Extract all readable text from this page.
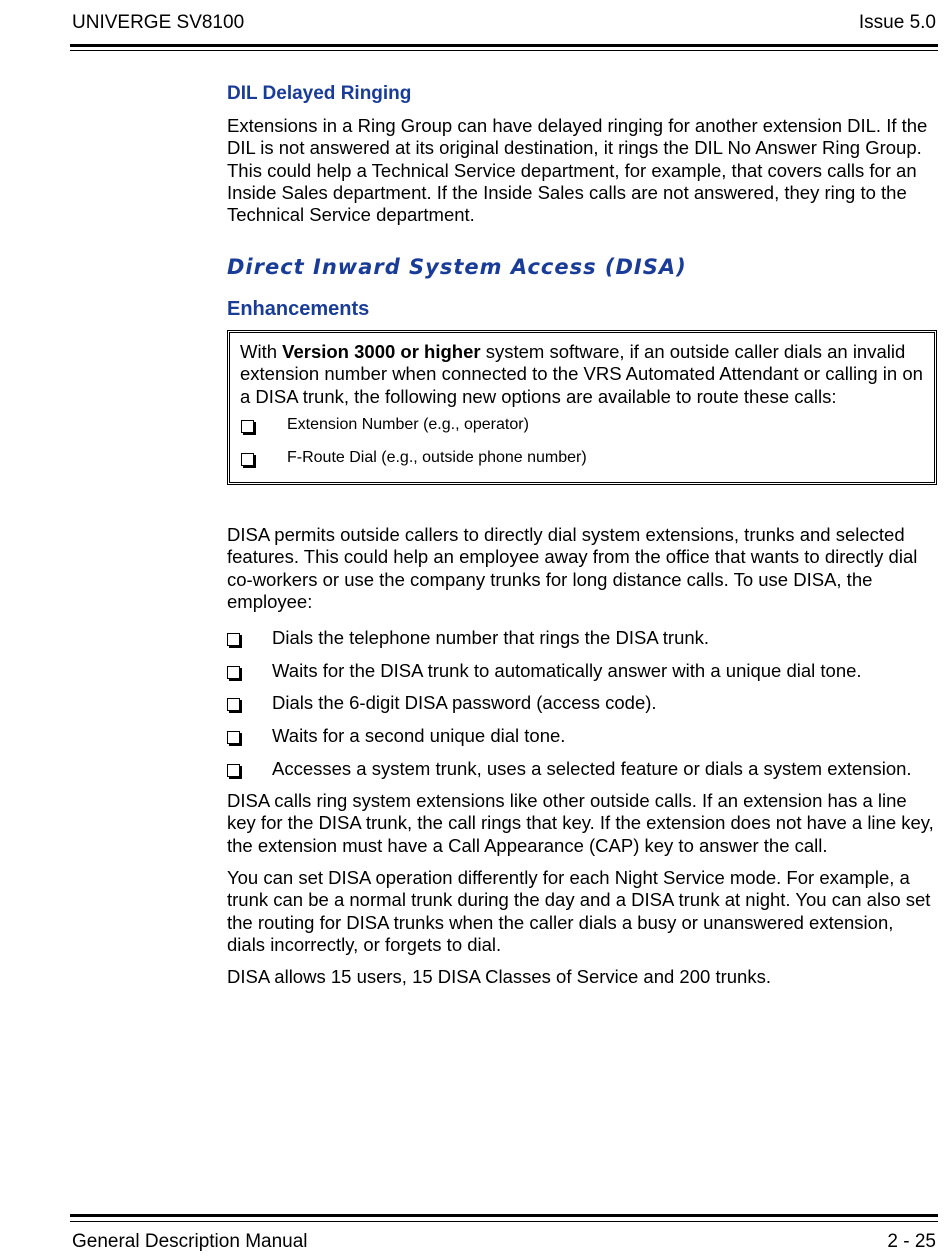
UNIVERGE SV8100	Issue 5.0
DIL Delayed Ringing

Extensions in a Ring Group can have delayed ringing for another extension DIL. If the DIL is not answered at its original destination, it rings the DIL No Answer Ring Group. This could help a Technical Service department, for example, that covers calls for an Inside Sales department. If the Inside Sales calls are not answered, they ring to the Technical Service department.

Direct Inward System Access (DISA)
Enhancements

With Version 3000 or higher system software, if an outside caller dials an invalid extension number when connected to the VRS Automated Attendant or calling in on a DISA trunk, the following new options are available to route these calls:

Extension Number (e.g., operator)
F-Route Dial (e.g., outside phone number)

DISA permits outside callers to directly dial system extensions, trunks and selected features. This could help an employee away from the office that wants to directly dial co-workers or use the company trunks for long distance calls. To use DISA, the employee:

Dials the telephone number that rings the DISA trunk.
Waits for the DISA trunk to automatically answer with a unique dial tone.
Dials the 6-digit DISA password (access code).
Waits for a second unique dial tone.
Accesses a system trunk, uses a selected feature or dials a system extension.

DISA calls ring system extensions like other outside calls. If an extension has a line key for the DISA trunk, the call rings that key. If the extension does not have a line key, the extension must have a Call Appearance (CAP) key to answer the call.

You can set DISA operation differently for each Night Service mode. For example, a trunk can be a normal trunk during the day and a DISA trunk at night. You can also set the routing for DISA trunks when the caller dials a busy or unanswered extension, dials incorrectly, or forgets to dial.

DISA allows 15 users, 15 DISA Classes of Service and 200 trunks.

General Description Manual	2 - 25
